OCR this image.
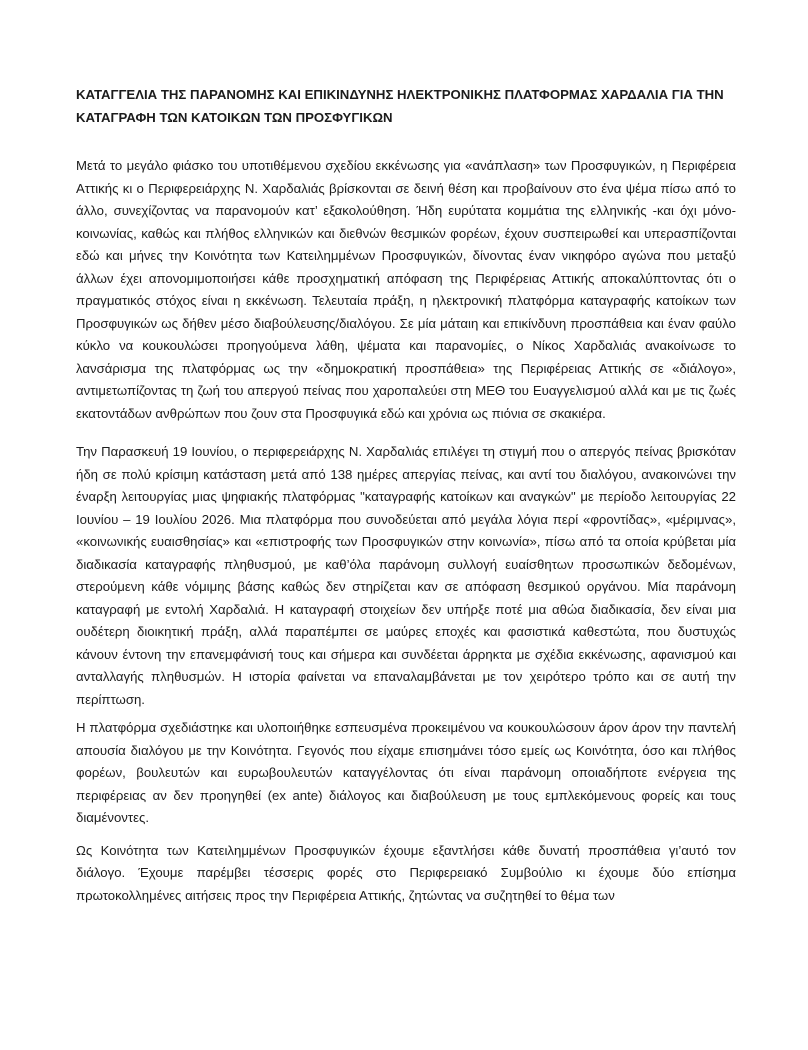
ΚΑΤΑΓΓΕΛΙΑ ΤΗΣ ΠΑΡΑΝΟΜΗΣ ΚΑΙ ΕΠΙΚΙΝΔΥΝΗΣ ΗΛΕΚΤΡΟΝΙΚΗΣ ΠΛΑΤΦΟΡΜΑΣ ΧΑΡΔΑΛΙΑ ΓΙΑ ΤΗΝ ΚΑΤΑΓΡΑΦΗ ΤΩΝ ΚΑΤΟΙΚΩΝ ΤΩΝ ΠΡΟΣΦΥΓΙΚΩΝ

Μετά το μεγάλο φιάσκο του υποτιθέμενου σχεδίου εκκένωσης για «ανάπλαση» των Προσφυγικών, η Περιφέρεια Αττικής κι ο Περιφερειάρχης Ν. Χαρδαλιάς βρίσκονται σε δεινή θέση και προβαίνουν στο ένα ψέμα πίσω από το άλλο, συνεχίζοντας να παρανομούν κατ’ εξακολούθηση. Ήδη ευρύτατα κομμάτια της ελληνικής -και όχι μόνο- κοινωνίας, καθώς και πλήθος ελληνικών και διεθνών θεσμικών φορέων, έχουν συσπειρωθεί και υπερασπίζονται εδώ και μήνες την Κοινότητα των Κατειλημμένων Προσφυγικών, δίνοντας έναν νικηφόρο αγώνα που μεταξύ άλλων έχει απονομιμοποιήσει κάθε προσχηματική απόφαση της Περιφέρειας Αττικής αποκαλύπτοντας ότι ο πραγματικός στόχος είναι η εκκένωση. Τελευταία πράξη, η ηλεκτρονική πλατφόρμα καταγραφής κατοίκων των Προσφυγικών ως δήθεν μέσο διαβούλευσης/διαλόγου. Σε μία μάταιη και επικίνδυνη προσπάθεια και έναν φαύλο κύκλο να κουκουλώσει προηγούμενα λάθη, ψέματα και παρανομίες, ο Νίκος Χαρδαλιάς ανακοίνωσε το λανσάρισμα της πλατφόρμας ως την «δημοκρατική προσπάθεια» της Περιφέρειας Αττικής σε «διάλογο», αντιμετωπίζοντας τη ζωή του απεργού πείνας που χαροπαλεύει στη ΜΕΘ του Ευαγγελισμού αλλά και με τις ζωές εκατοντάδων ανθρώπων που ζουν στα Προσφυγικά εδώ και χρόνια ως πιόνια σε σκακιέρα.

Την Παρασκευή 19 Ιουνίου, ο περιφερειάρχης Ν. Χαρδαλιάς επιλέγει τη στιγμή που ο απεργός πείνας βρισκόταν ήδη σε πολύ κρίσιμη κατάσταση μετά από 138 ημέρες απεργίας πείνας, και αντί του διαλόγου, ανακοινώνει την έναρξη λειτουργίας μιας ψηφιακής πλατφόρμας "καταγραφής κατοίκων και αναγκών" με περίοδο λειτουργίας 22 Ιουνίου – 19 Ιουλίου 2026. Μια πλατφόρμα που συνοδεύεται από μεγάλα λόγια περί «φροντίδας», «μέριμνας», «κοινωνικής ευαισθησίας» και «επιστροφής των Προσφυγικών στην κοινωνία», πίσω από τα οποία κρύβεται μία διαδικασία καταγραφής πληθυσμού, με καθ’όλα παράνομη συλλογή ευαίσθητων προσωπικών δεδομένων, στερούμενη κάθε νόμιμης βάσης καθώς δεν στηρίζεται καν σε απόφαση θεσμικού οργάνου. Μία παράνομη καταγραφή με εντολή Χαρδαλιά. Η καταγραφή στοιχείων δεν υπήρξε ποτέ μια αθώα διαδικασία, δεν είναι μια ουδέτερη διοικητική πράξη, αλλά παραπέμπει σε μαύρες εποχές και φασιστικά καθεστώτα, που δυστυχώς κάνουν έντονη την επανεμφάνισή τους και σήμερα και συνδέεται άρρηκτα με σχέδια εκκένωσης, αφανισμού και ανταλλαγής πληθυσμών. Η ιστορία φαίνεται να επαναλαμβάνεται με τον χειρότερο τρόπο και σε αυτή την περίπτωση.

Η πλατφόρμα σχεδιάστηκε και υλοποιήθηκε εσπευσμένα προκειμένου να κουκουλώσουν άρον άρον την παντελή απουσία διαλόγου με την Κοινότητα. Γεγονός που είχαμε επισημάνει τόσο εμείς ως Κοινότητα, όσο και πλήθος φορέων, βουλευτών και ευρωβουλευτών καταγγέλοντας ότι είναι παράνομη οποιαδήποτε ενέργεια της περιφέρειας αν δεν προηγηθεί (ex ante) διάλογος και διαβούλευση με τους εμπλεκόμενους φορείς και τους διαμένοντες.

Ως Κοινότητα των Κατειλημμένων Προσφυγικών έχουμε εξαντλήσει κάθε δυνατή προσπάθεια γι’αυτό τον διάλογο. Έχουμε παρέμβει τέσσερις φορές στο Περιφερειακό Συμβούλιο κι έχουμε δύο επίσημα πρωτοκολλημένες αιτήσεις προς την Περιφέρεια Αττικής, ζητώντας να συζητηθεί το θέμα των
